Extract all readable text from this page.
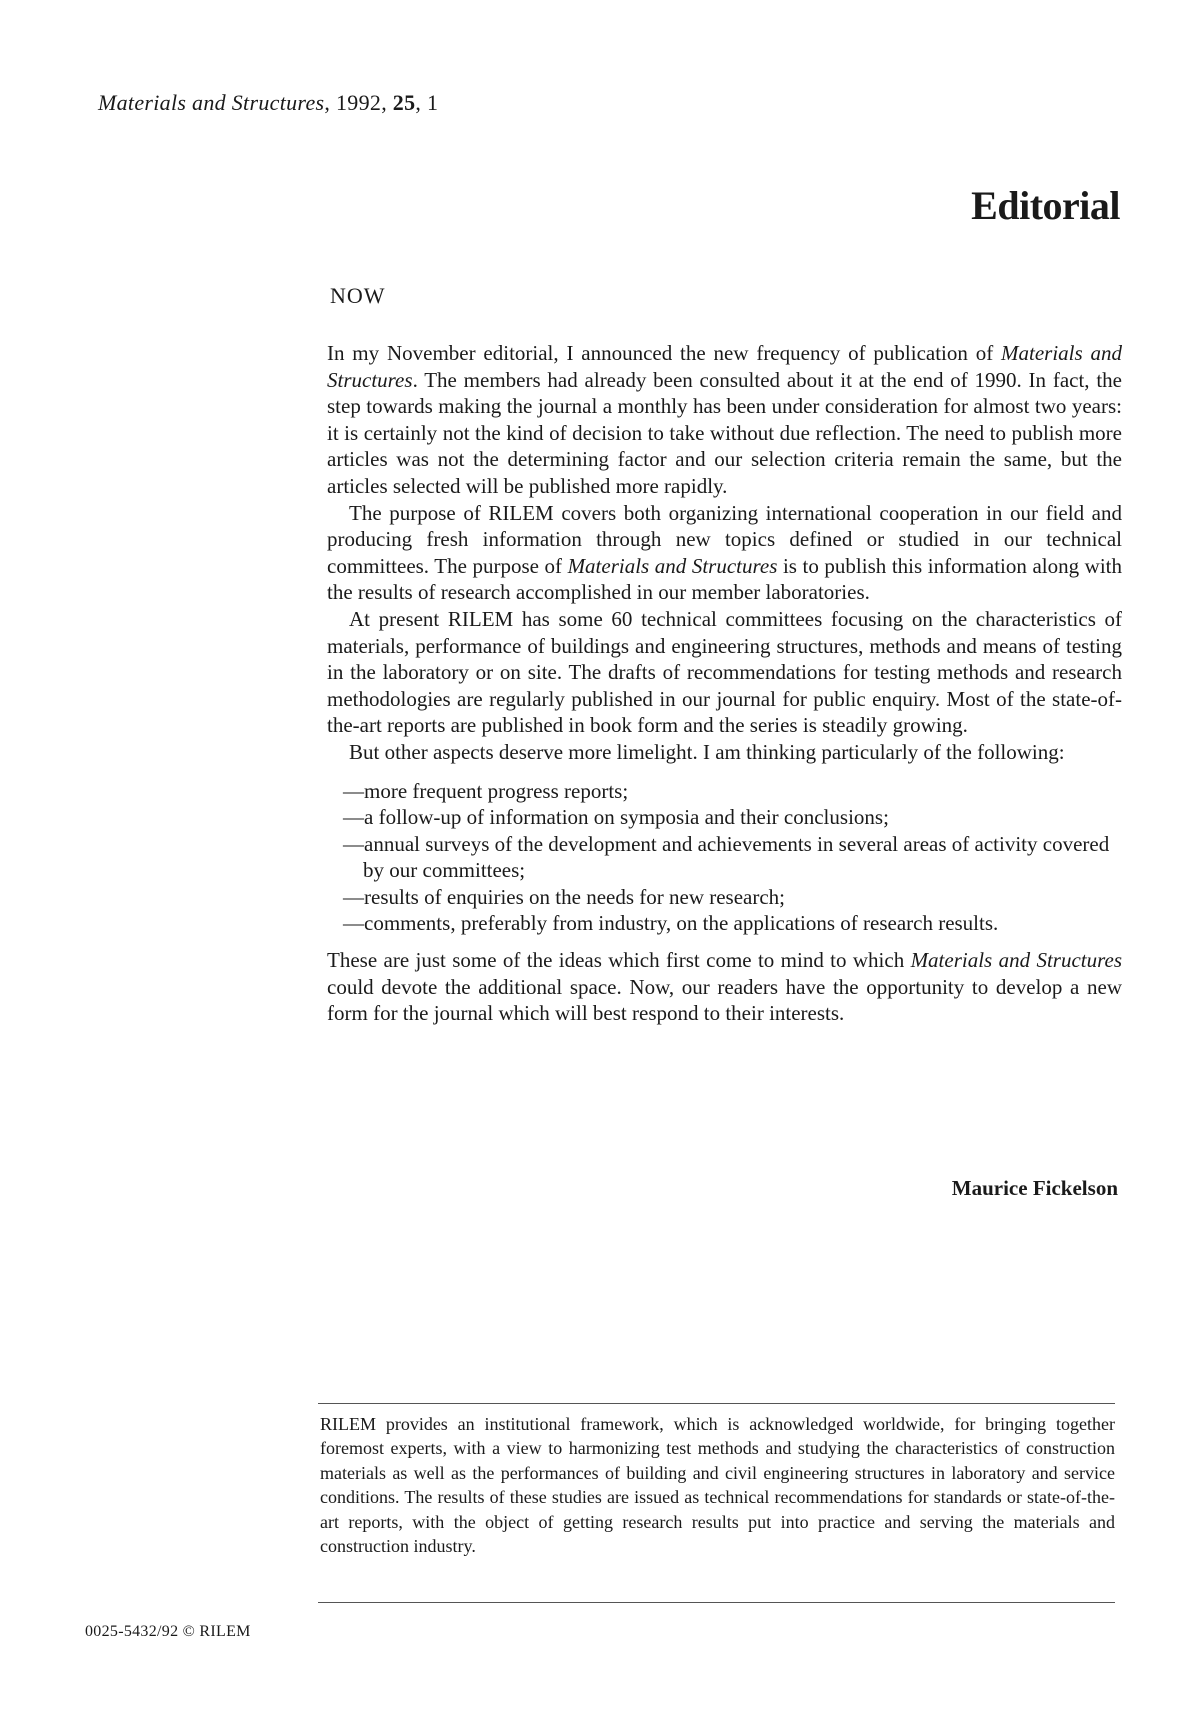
Materials and Structures, 1992, 25, 1
Editorial
NOW

In my November editorial, I announced the new frequency of publication of Materials and Structures. The members had already been consulted about it at the end of 1990. In fact, the step towards making the journal a monthly has been under consideration for almost two years: it is certainly not the kind of decision to take without due reflection. The need to publish more articles was not the determining factor and our selection criteria remain the same, but the articles selected will be published more rapidly.

The purpose of RILEM covers both organizing international cooperation in our field and producing fresh information through new topics defined or studied in our technical committees. The purpose of Materials and Structures is to publish this information along with the results of research accomplished in our member laboratories.

At present RILEM has some 60 technical committees focusing on the characteristics of materials, performance of buildings and engineering structures, methods and means of testing in the laboratory or on site. The drafts of recommendations for testing methods and research methodologies are regularly published in our journal for public enquiry. Most of the state-of-the-art reports are published in book form and the series is steadily growing.

But other aspects deserve more limelight. I am thinking particularly of the following:

—more frequent progress reports;
—a follow-up of information on symposia and their conclusions;
—annual surveys of the development and achievements in several areas of activity covered by our committees;
—results of enquiries on the needs for new research;
—comments, preferably from industry, on the applications of research results.

These are just some of the ideas which first come to mind to which Materials and Structures could devote the additional space. Now, our readers have the opportunity to develop a new form for the journal which will best respond to their interests.

Maurice Fickelson
RILEM provides an institutional framework, which is acknowledged worldwide, for bringing together foremost experts, with a view to harmonizing test methods and studying the characteristics of construction materials as well as the performances of building and civil engineering structures in laboratory and service conditions. The results of these studies are issued as technical recommendations for standards or state-of-the-art reports, with the object of getting research results put into practice and serving the materials and construction industry.
0025-5432/92 © RILEM
